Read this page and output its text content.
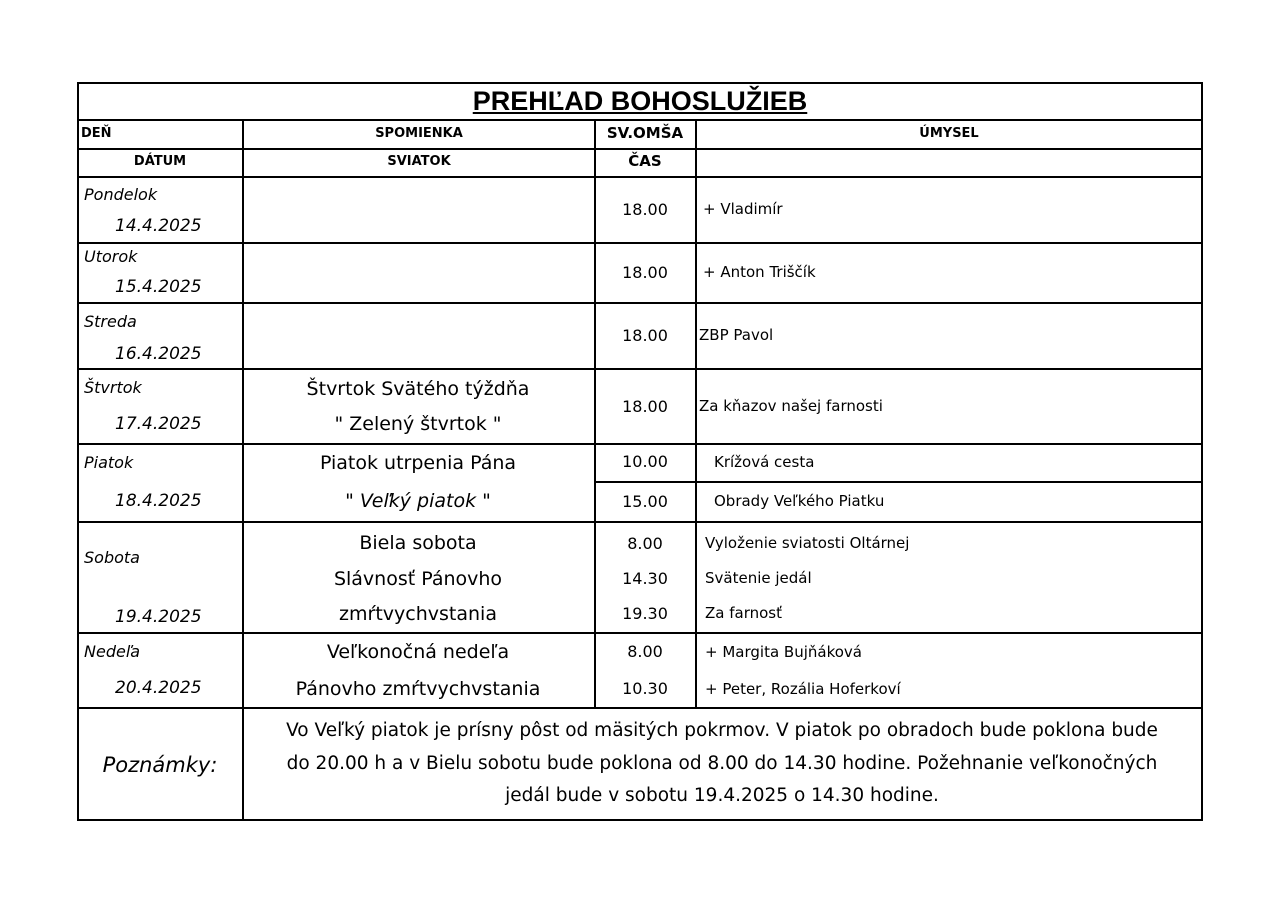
PREHĽAD BOHOSLUŽIEB
DEŇ
DÁTUM
SPOMIENKA
SVIATOK
SV.OMŠA
ČAS
ÚMYSEL
Pondelok
14.4.2025
18.00 + Vladimír
Utorok
15.4.2025
18.00 + Anton Triščík
Streda
16.4.2025
18.00 ZBP Pavol
Štvrtok
17.4.2025
Štvrtok Svätého týždňa
" Zelený štvrtok "
18.00 Za kňazov našej farnosti
Piatok
18.4.2025
Piatok utrpenia Pána
" Veľký piatok "
10.00
15.00
Krížová cesta
Obrady Veľkého Piatku
Sobota
19.4.2025
Biela sobota
Slávnosť Pánovho
zmŕtvychvstania
8.00
14.30
19.30
Vyloženie sviatosti Oltárnej
Svätenie jedál
Za farnosť
Nedeľa
20.4.2025
Veľkonočná nedeľa
Pánovho zmŕtvychvstania
8.00
10.30
+ Margita Bujňáková
+ Peter, Rozália Hoferkoví
Poznámky:
Vo Veľký piatok je prísny pôst od mäsitých pokrmov. V piatok po obradoch bude poklona bude
do 20.00 h a v Bielu sobotu bude poklona od 8.00 do 14.30 hodine. Požehnanie veľkonočných
jedál bude v sobotu 19.4.2025 o 14.30 hodine.
